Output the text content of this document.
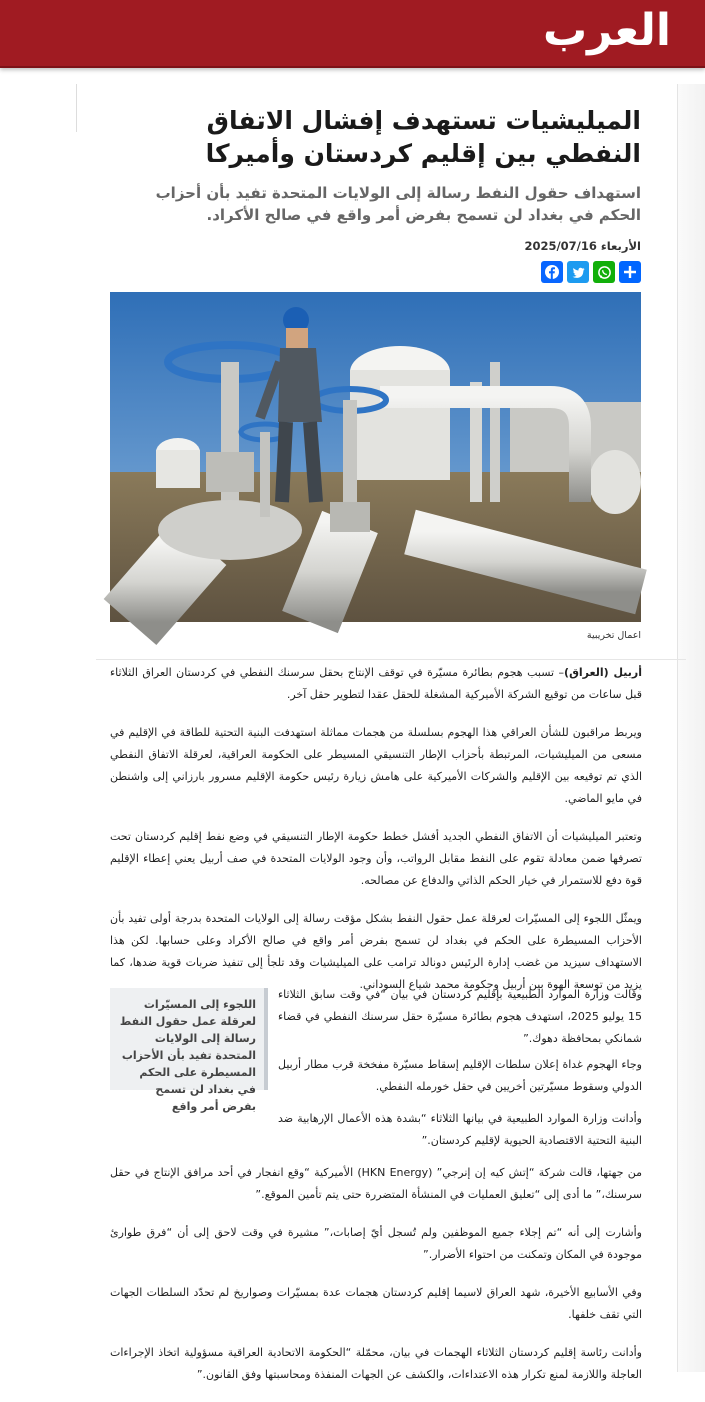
العرب
الميليشيات تستهدف إفشال الاتفاق النفطي بين إقليم كردستان وأميركا

استهداف حقول النفط رسالة إلى الولايات المتحدة تفيد بأن أحزاب الحكم في بغداد لن تسمح بفرض أمر واقع في صالح الأكراد.

الأربعاء 2025/07/16

اعمال تخريبية

أربيل (العراق)– تسبب هجوم بطائرة مسيّرة في توقف الإنتاج بحقل سرسنك النفطي في كردستان العراق الثلاثاء قبل ساعات من توقيع الشركة الأميركية المشغلة للحقل عقدا لتطوير حقل آخر.

ويربط مراقبون للشأن العراقي هذا الهجوم بسلسلة من هجمات مماثلة استهدفت البنية التحتية للطاقة في الإقليم في مسعى من الميليشيات، المرتبطة بأحزاب الإطار التنسيقي المسيطر على الحكومة العراقية، لعرقلة الاتفاق النفطي الذي تم توقيعه بين الإقليم والشركات الأميركية على هامش زيارة رئيس حكومة الإقليم مسرور بارزاني إلى واشنطن في مايو الماضي.

وتعتبر الميليشيات أن الاتفاق النفطي الجديد أفشل خطط حكومة الإطار التنسيقي في وضع نفط إقليم كردستان تحت تصرفها ضمن معادلة تقوم على النفط مقابل الرواتب، وأن وجود الولايات المتحدة في صف أربيل يعني إعطاء الإقليم قوة دفع للاستمرار في خيار الحكم الذاتي والدفاع عن مصالحه.

ويمثّل اللجوء إلى المسيّرات لعرقلة عمل حقول النفط بشكل مؤقت رسالة إلى الولايات المتحدة بدرجة أولى تفيد بأن الأحزاب المسيطرة على الحكم في بغداد لن تسمح بفرض أمر واقع في صالح الأكراد وعلى حسابها. لكن هذا الاستهداف سيزيد من غضب إدارة الرئيس دونالد ترامب على الميليشيات وقد تلجأ إلى تنفيذ ضربات قوية ضدها، كما يزيد من توسعة الهوة بين أربيل وحكومة محمد شياع السوداني.

اللجوء إلى المسيّرات لعرقلة عمل حقول النفط رسالة إلى الولايات المتحدة تفيد بأن الأحزاب المسيطرة على الحكم في بغداد لن تسمح بفرض أمر واقع

وقالت وزارة الموارد الطبيعية بإقليم كردستان في بيان “في وقت سابق الثلاثاء 15 يوليو 2025، استهدف هجوم بطائرة مسيّرة حقل سرسنك النفطي في قضاء شمانكي بمحافظة دهوك.”

وجاء الهجوم غداة إعلان سلطات الإقليم إسقاط مسيّرة مفخخة قرب مطار أربيل الدولي وسقوط مسيّرتين أخريين في حقل خورمله النفطي.

وأدانت وزارة الموارد الطبيعية في بيانها الثلاثاء “بشدة هذه الأعمال الإرهابية ضد البنية التحتية الاقتصادية الحيوية لإقليم كردستان.”

من جهتها، قالت شركة “إتش كيه إن إنرجي” (HKN Energy) الأميركية “وقع انفجار في أحد مرافق الإنتاج في حقل سرسنك،” ما أدى إلى “تعليق العمليات في المنشأة المتضررة حتى يتم تأمين الموقع.”

وأشارت إلى أنه “تم إجلاء جميع الموظفين ولم تُسجل أيّ إصابات،” مشيرة في وقت لاحق إلى أن “فرق طوارئ موجودة في المكان وتمكنت من احتواء الأضرار.”

وفي الأسابيع الأخيرة، شهد العراق لاسيما إقليم كردستان هجمات عدة بمسيّرات وصواريخ لم تحدّد السلطات الجهات التي تقف خلفها.

وأدانت رئاسة إقليم كردستان الثلاثاء الهجمات في بيان، محمّلة “الحكومة الاتحادية العراقية مسؤولية اتخاذ الإجراءات العاجلة واللازمة لمنع تكرار هذه الاعتداءات، والكشف عن الجهات المنفذة ومحاسبتها وفق القانون.”
